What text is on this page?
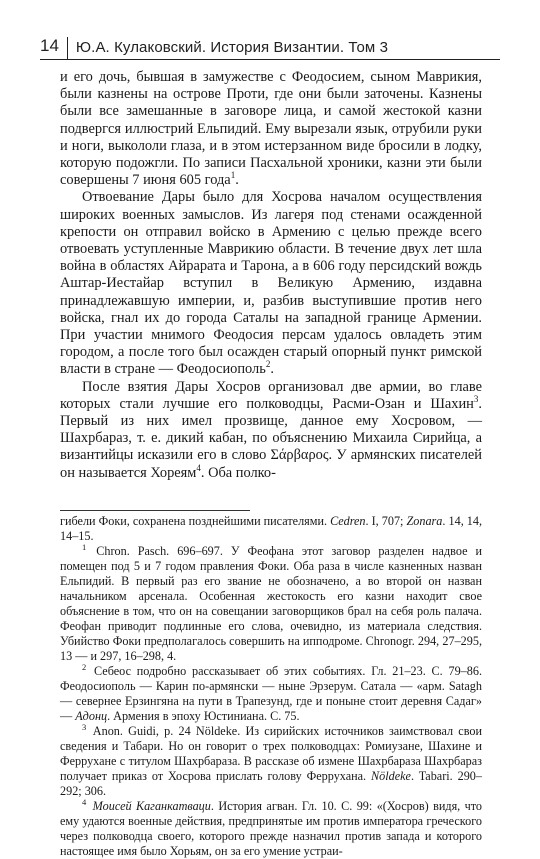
14 Ю.А. Кулаковский. История Византии. Том 3

и его дочь, бывшая в замужестве с Феодосием, сыном Маврикия, были казнены на острове Проти, где они были заточены. Казнены были все замешанные в заговоре лица, и самой жестокой казни подвергся иллюстрий Ельпидий. Ему вырезали язык, отрубили руки и ноги, выкололи глаза, и в этом истерзанном виде бросили в лодку, которую подожгли. По записи Пасхальной хроники, казни эти были совершены 7 июня 605 года$^1$.

Отвоевание Дары было для Хосрова началом осуществления широких военных замыслов. Из лагеря под стенами осажденной крепости он отправил войско в Армению с целью прежде всего отвоевать уступленные Маврикию области. В течение двух лет шла война в областях Айрарата и Тарона, а в 606 году персидский вождь Аштар-Иестайар вступил в Великую Армению, издавна принадлежавшую империи, и, разбив выступившие против него войска, гнал их до города Саталы на западной границе Армении. При участии мнимого Феодосия персам удалось овладеть этим городом, а после того был осажден старый опорный пункт римской власти в стране — Феодосиополь$^2$.

После взятия Дары Хосров организовал две армии, во главе которых стали лучшие его полководцы, Расми-Озан и Шахин$^3$. Первый из них имел прозвище, данное ему Хосровом, — Шахрбараз, т. е. дикий кабан, по объяснению Михаила Сирийца, а византийцы исказили его в слово Σάρβαρος. У армянских писателей он называется Хореям$^4$. Оба полко-

гибели Фоки, сохранена позднейшими писателями. Cedren. I, 707; Zonara. 14, 14, 14–15.

$^1$ Chron. Pasch. 696–697. У Феофана этот заговор разделен надвое и помещен под 5 и 7 годом правления Фоки. Оба раза в числе казненных назван Ельпидий. В первый раз его звание не обозначено, а во второй он назван начальником арсенала. Особенная жестокость его казни находит свое объяснение в том, что он на совещании заговорщиков брал на себя роль палача. Феофан приводит подлинные его слова, очевидно, из материала следствия. Убийство Фоки предполагалось совершить на ипподроме. Chronogr. 294, 27–295, 13 — и 297, 16–298, 4.

$^2$ Себеос подробно рассказывает об этих событиях. Гл. 21–23. С. 79–86. Феодосиополь — Карин по-армянски — ныне Эрзерум. Саталa — «арм. Satagh — севернее Ерзингяна на пути в Трапезунд, где и поныне стоит деревня Садаг» — Адонц. Армения в эпоху Юстиниана. С. 75.

$^3$ Anon. Guidi, p. 24 Nöldeke. Из сирийских источников заимствовал свои сведения и Табари. Но он говорит о трех полководцах: Ромиузане, Шахине и Феррухане с титулом Шахрбараза. В рассказе об измене Шахрбараза Шахрбараз получает приказ от Хосрова прислать голову Ферруханa. Nöldeke. Tabari. 290–292; 306.

$^4$ Моисей Каганкатваци. История агван. Гл. 10. С. 99: «(Хосров) видя, что ему удаются военные действия, предпринятые им против императора греческого через полководца своего, которого прежде назначил против запада и которого настоящее имя было Хорьям, он за его умение устраи-
